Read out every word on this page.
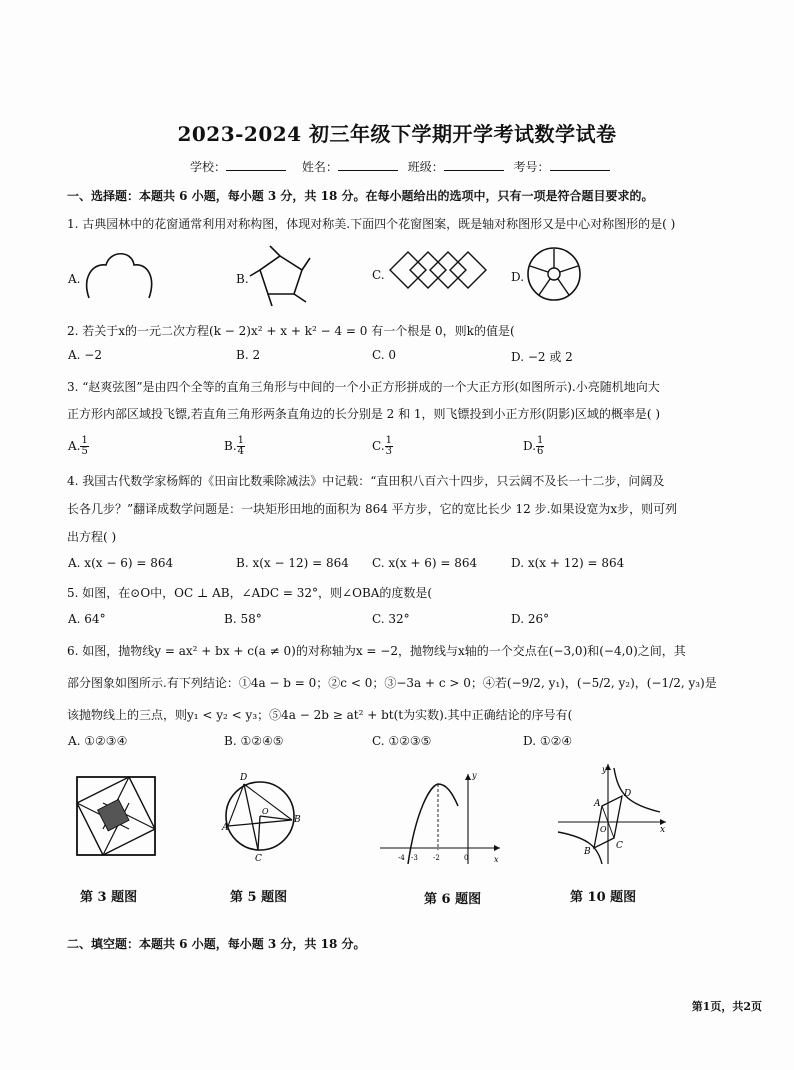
2023-2024 初三年级下学期开学考试数学试卷
学校：	姓名：	班级：	考号：
一、选择题：本题共 6 小题，每小题 3 分，共 18 分。在每小题给出的选项中，只有一项是符合题目要求的。
1. 古典园林中的花窗通常利用对称构图，体现对称美.下面四个花窗图案，既是轴对称图形又是中心对称图形的是( )
A.	B.	C.	D.
2. 若关于x的一元二次方程(k − 2)x² + x + k² − 4 = 0 有一个根是 0，则k的值是(
A. −2	B. 2	C. 0	D. −2 或 2
3. “赵爽弦图”是由四个全等的直角三角形与中间的一个小正方形拼成的一个大正方形(如图所示).小亮随机地向大
正方形内部区域投飞镖,若直角三角形两条直角边的长分别是 2 和 1，则飞镖投到小正方形(阴影)区域的概率是( )
A. $\frac{1}{5}$	B. $\frac{1}{4}$	C. $\frac{1}{3}$	D. $\frac{1}{6}$
4. 我国古代数学家杨辉的《田亩比数乘除减法》中记载：“直田积八百六十四步，只云阔不及长一十二步，问阔及
长各几步？”翻译成数学问题是：一块矩形田地的面积为 864 平方步，它的宽比长少 12 步.如果设宽为x步，则可列
出方程( )
A. x(x − 6) = 864	B. x(x − 12) = 864 C. x(x + 6) = 864	D. x(x + 12) = 864
5. 如图，在⊙O中，OC ⊥ AB，∠ADC = 32°，则∠OBA的度数是(
A. 64°	B. 58°	C. 32°	D. 26°
6. 如图，抛物线y = ax² + bx + c(a ≠ 0)的对称轴为x = −2，抛物线与x轴的一个交点在(−3,0)和(−4,0)之间，其
部分图象如图所示.有下列结论：①4a − b = 0；②c < 0；③−3a + c > 0；④若(−9/2, y₁)，(−5/2, y₂)，(−1/2, y₃)是
该抛物线上的三点，则y₁ < y₂ < y₃；⑤4a − 2b ≥ at² + bt(t为实数).其中正确结论的序号有(
A. ①②③④	B. ①②④⑤	C. ①②③⑤	D. ①②④
D
O
A
B
C
y
x
-4 -3 -2	0
y
x
A
D
O
B
C
第 3 题图	第 5 题图	第 6 题图	第 10 题图
二、填空题：本题共 6 小题，每小题 3 分，共 18 分。
第1页，共2页
